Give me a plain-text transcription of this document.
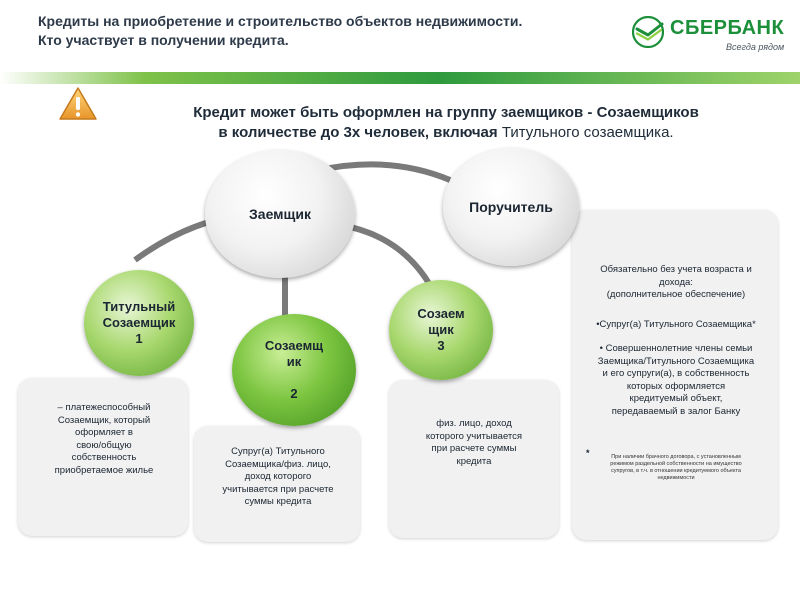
Кредиты на приобретение и строительство объектов недвижимости.
Кто участвует в получении кредита.
СБЕРБАНК
Всегда рядом
Кредит может быть оформлен на группу заемщиков - Созаемщиков
в количестве до 3х человек, включая Титульного созаемщика.
– платежеспособный
Созаемщик, который
оформляет в
свою/общую
собственность
приобретаемое жилье
Супруг(а) Титульного
Созаемщика/физ. лицо,
доход которого
учитывается при расчете
суммы кредита
физ. лицо, доход
которого учитывается
при расчете суммы
кредита
Обязательно без учета возраста и
дохода:
(дополнительное обеспечение)
•Супруг(а) Титульного Созаемщика*
• Совершеннолетние члены семьи
Заемщика/Титульного Созаемщика
и его супруги(а), в собственность
которых оформляется
кредитуемый объект,
передаваемый в залог Банку
*	При наличии брачного договора, с установленным
режимом раздельной собственности на имущество
супругов, в т.ч. в отношении кредитуемого объекта
недвижимости
Заемщик	Поручитель
Титульный
Созаемщик
1	Созаемщ
ик

2
Созаем
щик
3
